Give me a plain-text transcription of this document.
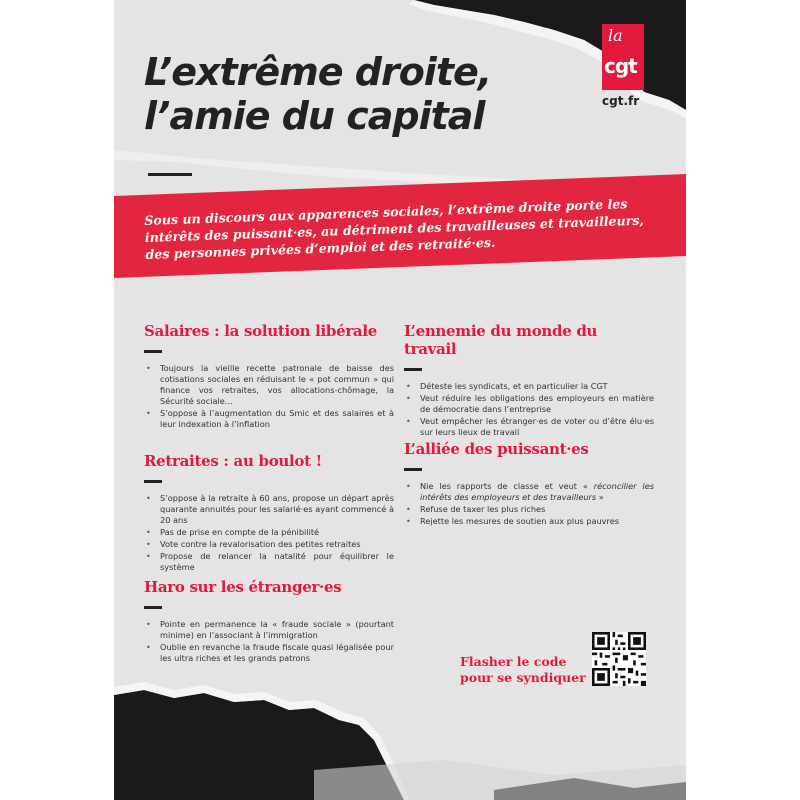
L’extrême droite,
l’amie du capital
la
cgt
cgt.fr
Sous un discours aux apparences sociales, l’extrême droite porte les intérêts des puissant·es, au détriment des travailleuses et travailleurs, des personnes privées d’emploi et des retraité·es.
Salaires : la solution libérale
• Toujours la vieille recette patronale de baisse des cotisations sociales en réduisant le « pot commun » qui finance vos retraites, vos allocations-chômage, la Sécurité sociale…
• S’oppose à l’augmentation du Smic et des salaires et à leur indexation à l’inflation
Retraites : au boulot !
• S’oppose à la retraite à 60 ans, propose un départ après quarante annuités pour les salarié·es ayant commencé à 20 ans
• Pas de prise en compte de la pénibilité
• Vote contre la revalorisation des petites retraites
• Propose de relancer la natalité pour équilibrer le système
Haro sur les étranger·es
• Pointe en permanence la « fraude sociale » (pourtant minime) en l’associant à l’immigration
• Oublie en revanche la fraude fiscale quasi légalisée pour les ultra riches et les grands patrons
L’ennemie du monde du travail
• Déteste les syndicats, et en particulier la CGT
• Veut réduire les obligations des employeurs en matière de démocratie dans l’entreprise
• Veut empêcher les étranger·es de voter ou d’être élu·es sur leurs lieux de travail
L’alliée des puissant·es
• Nie les rapports de classe et veut « réconcilier les intérêts des employeurs et des travailleurs »
• Refuse de taxer les plus riches
• Rejette les mesures de soutien aux plus pauvres
Flasher le code
pour se syndiquer
